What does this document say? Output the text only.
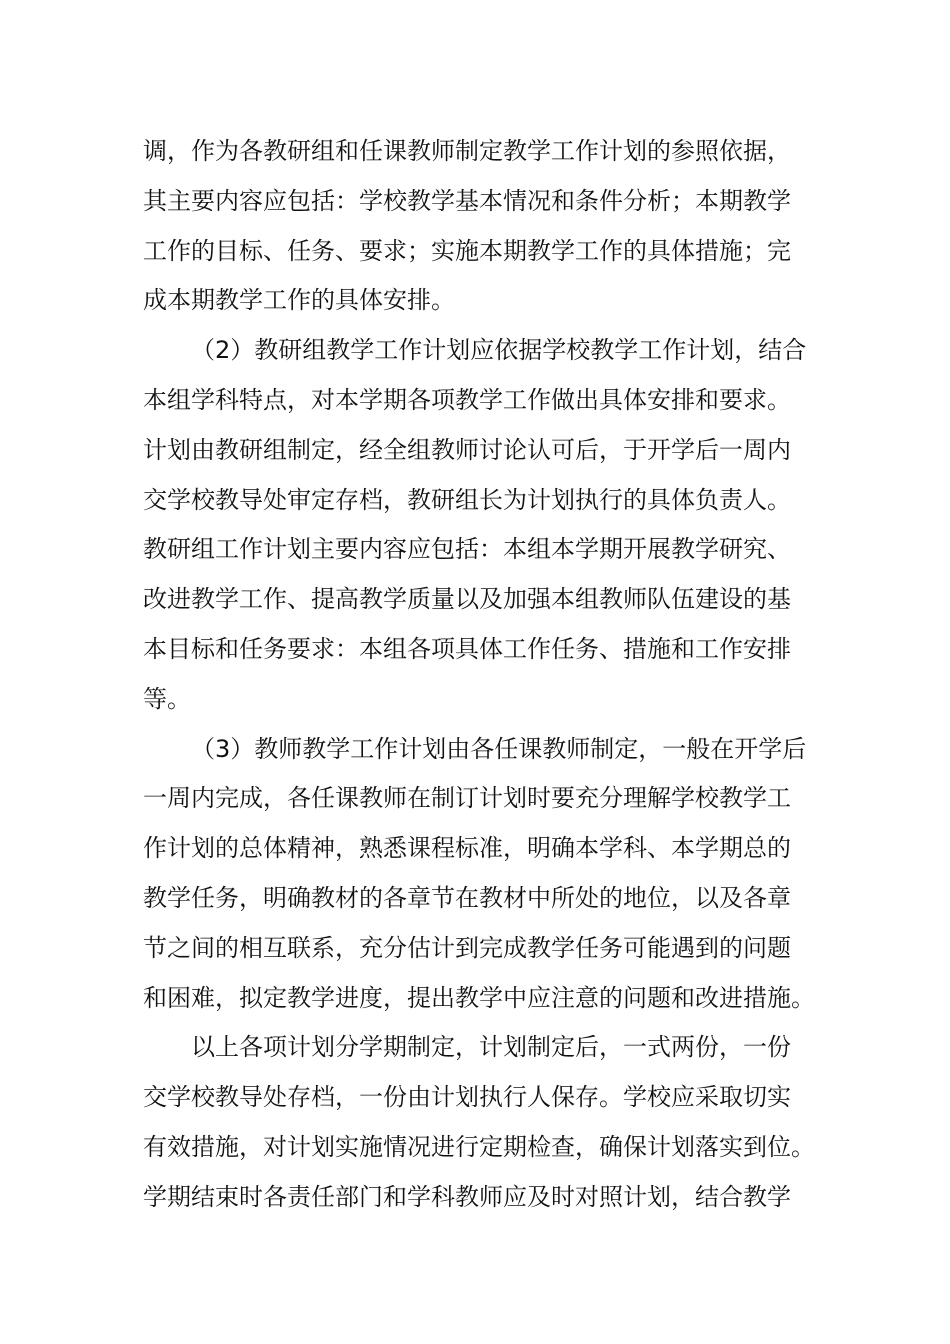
调，作为各教研组和任课教师制定教学工作计划的参照依据，
其主要内容应包括：学校教学基本情况和条件分析；本期教学
工作的目标、任务、要求；实施本期教学工作的具体措施；完
成本期教学工作的具体安排。
（2）教研组教学工作计划应依据学校教学工作计划，结合
本组学科特点，对本学期各项教学工作做出具体安排和要求。
计划由教研组制定，经全组教师讨论认可后，于开学后一周内
交学校教导处审定存档，教研组长为计划执行的具体负责人。
教研组工作计划主要内容应包括：本组本学期开展教学研究、
改进教学工作、提高教学质量以及加强本组教师队伍建设的基
本目标和任务要求：本组各项具体工作任务、措施和工作安排
等。
（3）教师教学工作计划由各任课教师制定，一般在开学后
一周内完成，各任课教师在制订计划时要充分理解学校教学工
作计划的总体精神，熟悉课程标准，明确本学科、本学期总的
教学任务，明确教材的各章节在教材中所处的地位，以及各章
节之间的相互联系，充分估计到完成教学任务可能遇到的问题
和困难，拟定教学进度，提出教学中应注意的问题和改进措施。
以上各项计划分学期制定，计划制定后，一式两份，一份
交学校教导处存档，一份由计划执行人保存。学校应采取切实
有效措施，对计划实施情况进行定期检查，确保计划落实到位。
学期结束时各责任部门和学科教师应及时对照计划，结合教学
